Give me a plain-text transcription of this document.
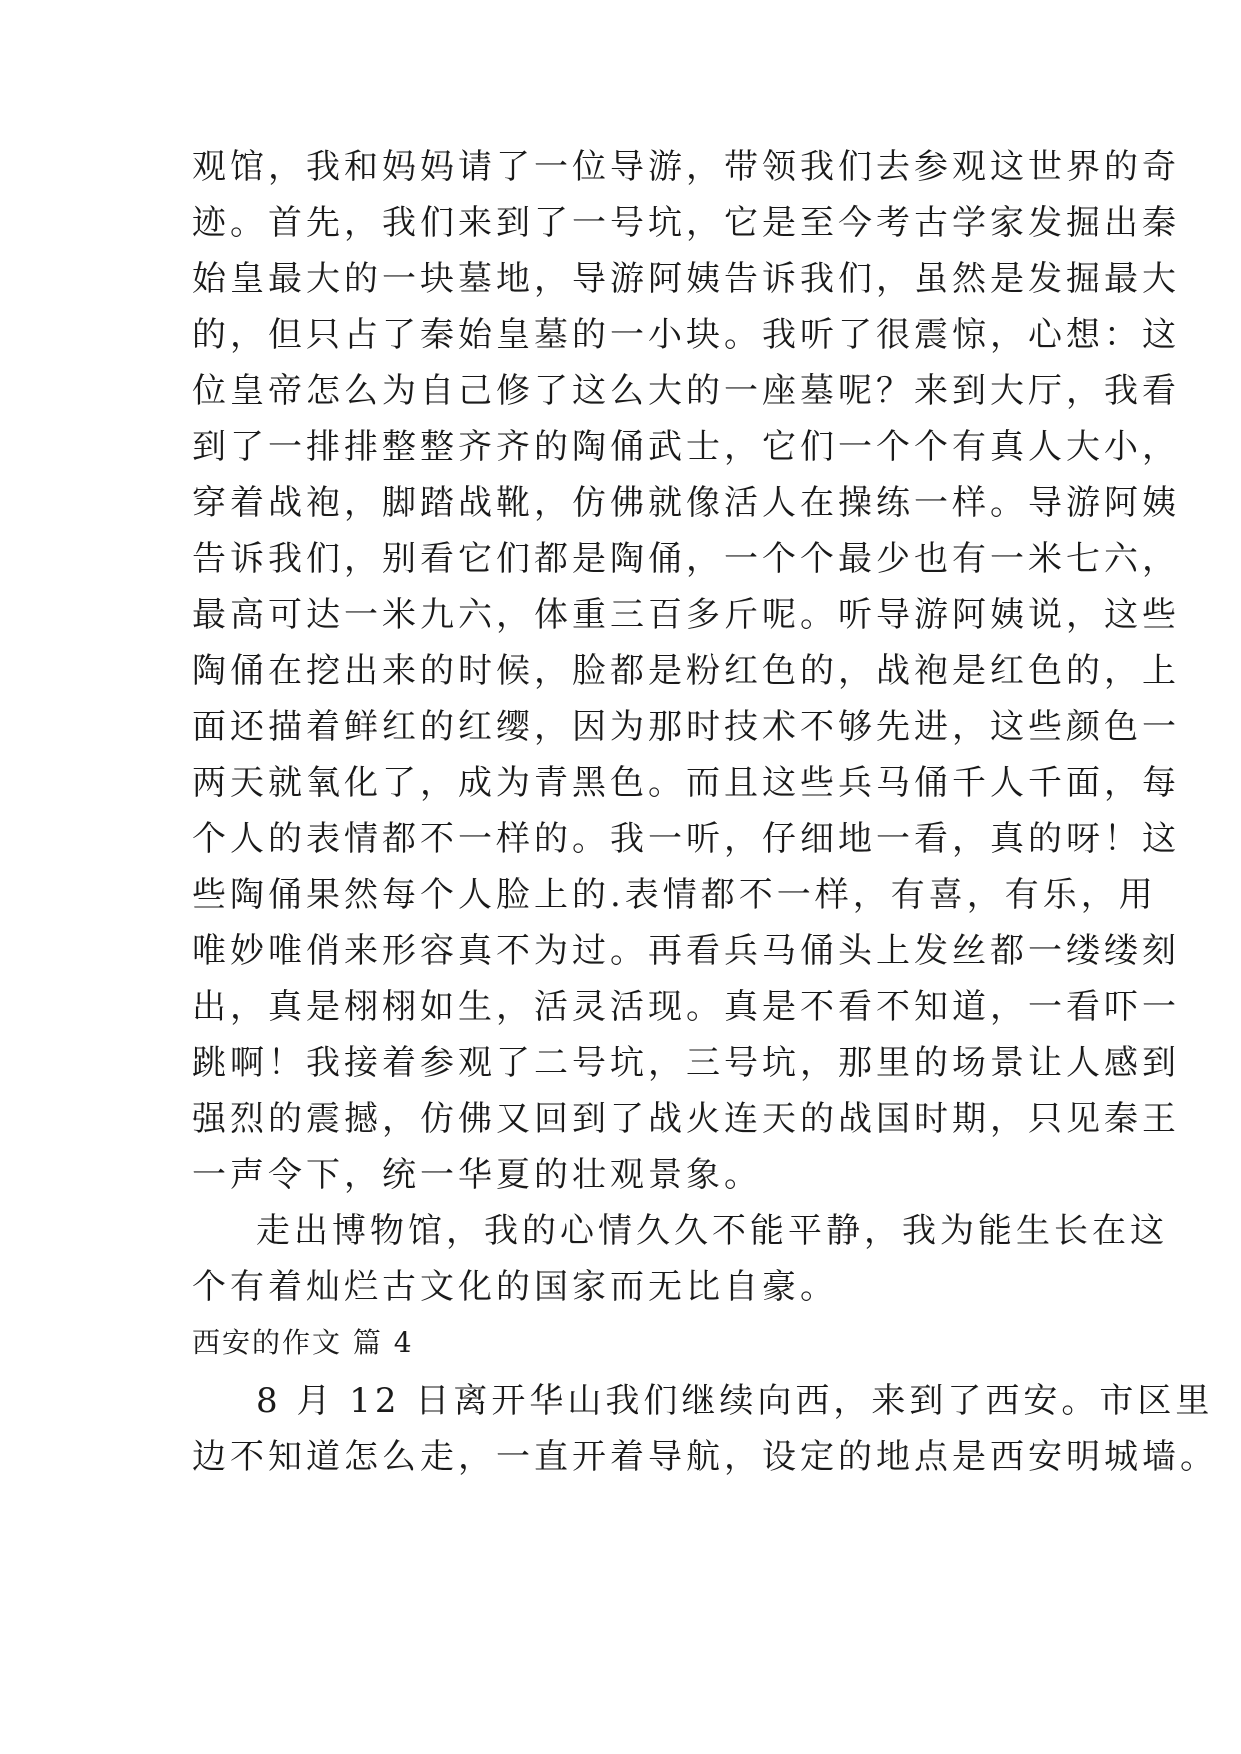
观馆，我和妈妈请了一位导游，带领我们去参观这世界的奇
迹。首先，我们来到了一号坑，它是至今考古学家发掘出秦
始皇最大的一块墓地，导游阿姨告诉我们，虽然是发掘最大
的，但只占了秦始皇墓的一小块。我听了很震惊，心想：这
位皇帝怎么为自己修了这么大的一座墓呢？来到大厅，我看
到了一排排整整齐齐的陶俑武士，它们一个个有真人大小，
穿着战袍，脚踏战靴，仿佛就像活人在操练一样。导游阿姨
告诉我们，别看它们都是陶俑，一个个最少也有一米七六，
最高可达一米九六，体重三百多斤呢。听导游阿姨说，这些
陶俑在挖出来的时候，脸都是粉红色的，战袍是红色的，上
面还描着鲜红的红缨，因为那时技术不够先进，这些颜色一
两天就氧化了，成为青黑色。而且这些兵马俑千人千面，每
个人的表情都不一样的。我一听，仔细地一看，真的呀！这
些陶俑果然每个人脸上的.表情都不一样，有喜，有乐，用
唯妙唯俏来形容真不为过。再看兵马俑头上发丝都一缕缕刻
出，真是栩栩如生，活灵活现。真是不看不知道，一看吓一
跳啊！我接着参观了二号坑，三号坑，那里的场景让人感到
强烈的震撼，仿佛又回到了战火连天的战国时期，只见秦王
一声令下，统一华夏的壮观景象。
走出博物馆，我的心情久久不能平静，我为能生长在这
个有着灿烂古文化的国家而无比自豪。
西安的作文 篇 4
8 月 12 日离开华山我们继续向西，来到了西安。市区里
边不知道怎么走，一直开着导航，设定的地点是西安明城墙。
